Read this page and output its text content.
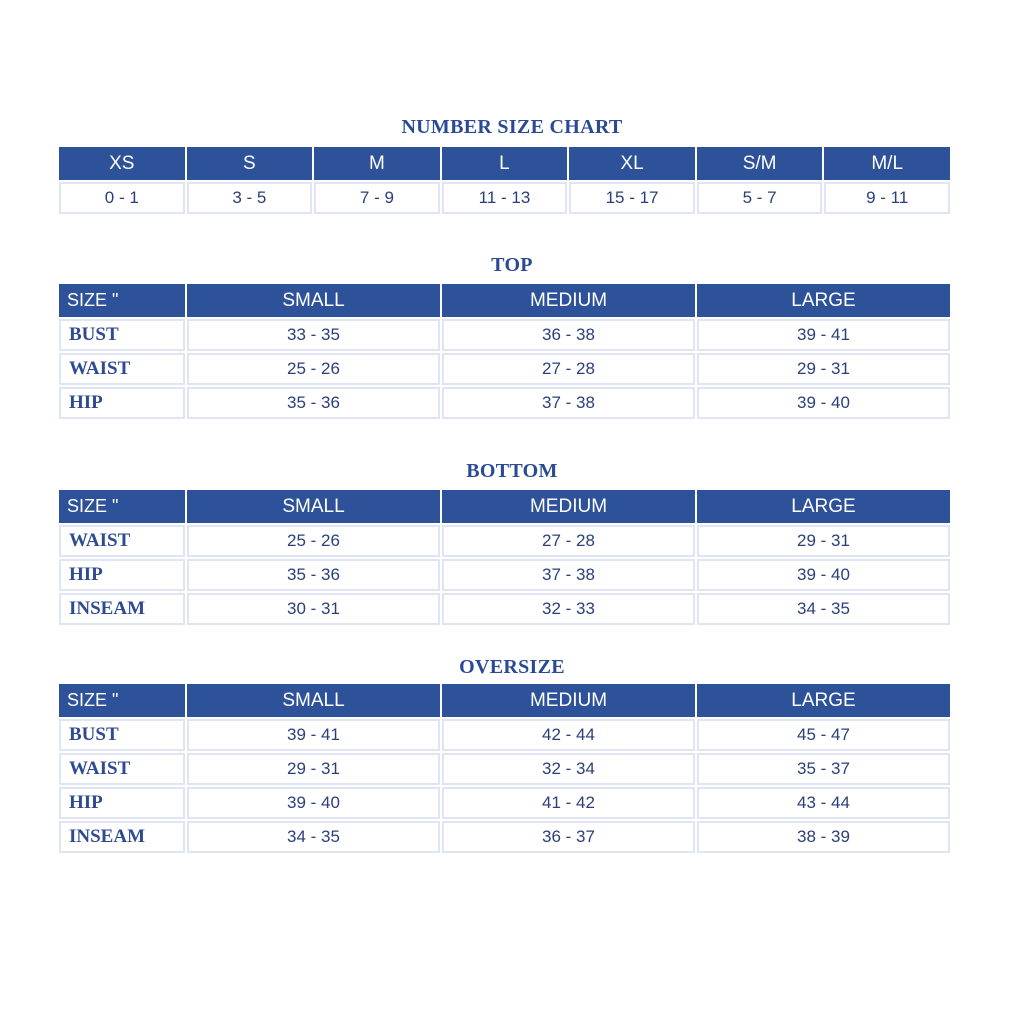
NUMBER SIZE CHART
XS	S	M	L	XL	S/M	M/L
0 - 1	3 - 5	7 - 9	11 - 13	15 - 17	5 - 7	9 - 11
TOP
SIZE "	SMALL	MEDIUM	LARGE
BUST	33 - 35	36 - 38	39 - 41
WAIST	25 - 26	27 - 28	29 - 31
HIP	35 - 36	37 - 38	39 - 40
BOTTOM
SIZE "	SMALL	MEDIUM	LARGE
WAIST	25 - 26	27 - 28	29 - 31
HIP	35 - 36	37 - 38	39 - 40
INSEAM	30 - 31	32 - 33	34 - 35
OVERSIZE
SIZE "	SMALL	MEDIUM	LARGE
BUST	39 - 41	42 - 44	45 - 47
WAIST	29 - 31	32 - 34	35 - 37
HIP	39 - 40	41 - 42	43 - 44
INSEAM	34 - 35	36 - 37	38 - 39
